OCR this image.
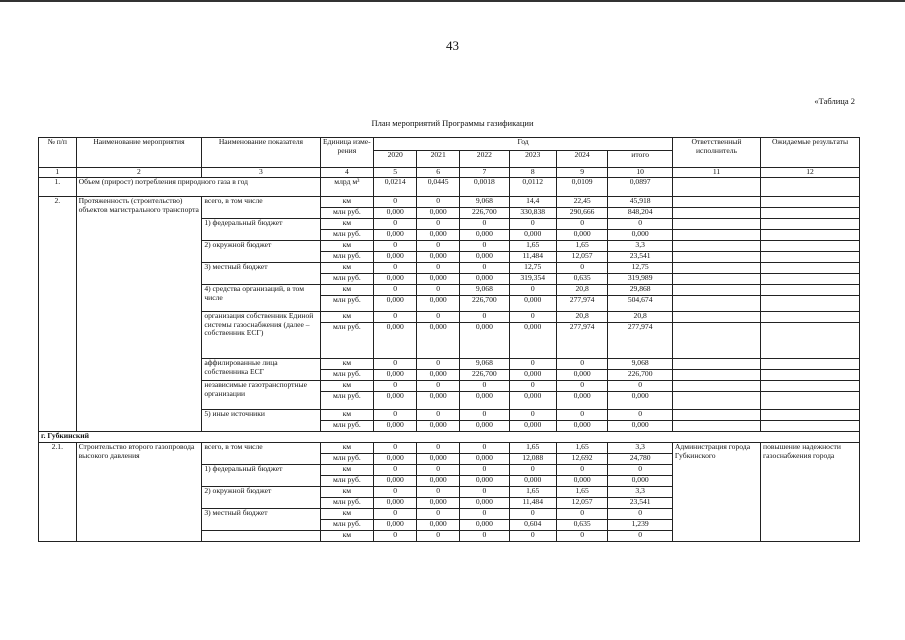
43
«Таблица 2
План мероприятий Программы газификации
№ п/п	Наименование мероприятия	Наименование показателя	Единица изме-рения	Год						Ответственный исполнитель	Ожидаемые результаты
				2020	2021	2022	2023	2024	итого		
1	2	3	4	5	6	7	8	9	10	11	12
1.	Объем (прирост) потребления природного газа в год		млрд м³	0,0214	0,0445	0,0018	0,0112	0,0109	0,0897		
2.	Протяженность (строительство) объектов магистрального транспорта	всего, в том числе	км	0	0	9,068	14,4	22,45	45,918		
			млн руб.	0,000	0,000	226,700	330,838	290,666	848,204		
		1) федеральный бюджет	км	0	0	0	0	0	0		
			млн руб.	0,000	0,000	0,000	0,000	0,000	0,000		
		2) окружной бюджет	км	0	0	0	1,65	1,65	3,3		
			млн руб.	0,000	0,000	0,000	11,484	12,057	23,541		
		3) местный бюджет	км	0	0	0	12,75	0	12,75		
			млн руб.	0,000	0,000	0,000	319,354	0,635	319,989		
		4) средства организаций, в том числе	км	0	0	9,068	0	20,8	29,868		
			млн руб.	0,000	0,000	226,700	0,000	277,974	504,674		
		организация собственник Единой системы газоснабжения (далее – собственник ЕСГ)	км	0	0	0	0	20,8	20,8		
			млн руб.	0,000	0,000	0,000	0,000	277,974	277,974		
		аффилированные лица собственника ЕСГ	км	0	0	9,068	0	0	9,068		
			млн руб.	0,000	0,000	226,700	0,000	0,000	226,700		
		независимые газотранспортные организации	км	0	0	0	0	0	0		
			млн руб.	0,000	0,000	0,000	0,000	0,000	0,000		
		5) иные источники	км	0	0	0	0	0	0		
			млн руб.	0,000	0,000	0,000	0,000	0,000	0,000		
г. Губкинский											
2.1.	Строительство второго газопровода высокого давления	всего, в том числе	км	0	0	0	1,65	1,65	3,3	Администрация города Губкинского	повышение надежности газоснабжения города
			млн руб.	0,000	0,000	0,000	12,088	12,692	24,780		
		1) федеральный бюджет	км	0	0	0	0	0	0		
			млн руб.	0,000	0,000	0,000	0,000	0,000	0,000		
		2) окружной бюджет	км	0	0	0	1,65	1,65	3,3		
			млн руб.	0,000	0,000	0,000	11,484	12,057	23,541		
		3) местный бюджет	км	0	0	0	0	0	0		
			млн руб.	0,000	0,000	0,000	0,604	0,635	1,239		
			км	0	0	0	0	0	0		
